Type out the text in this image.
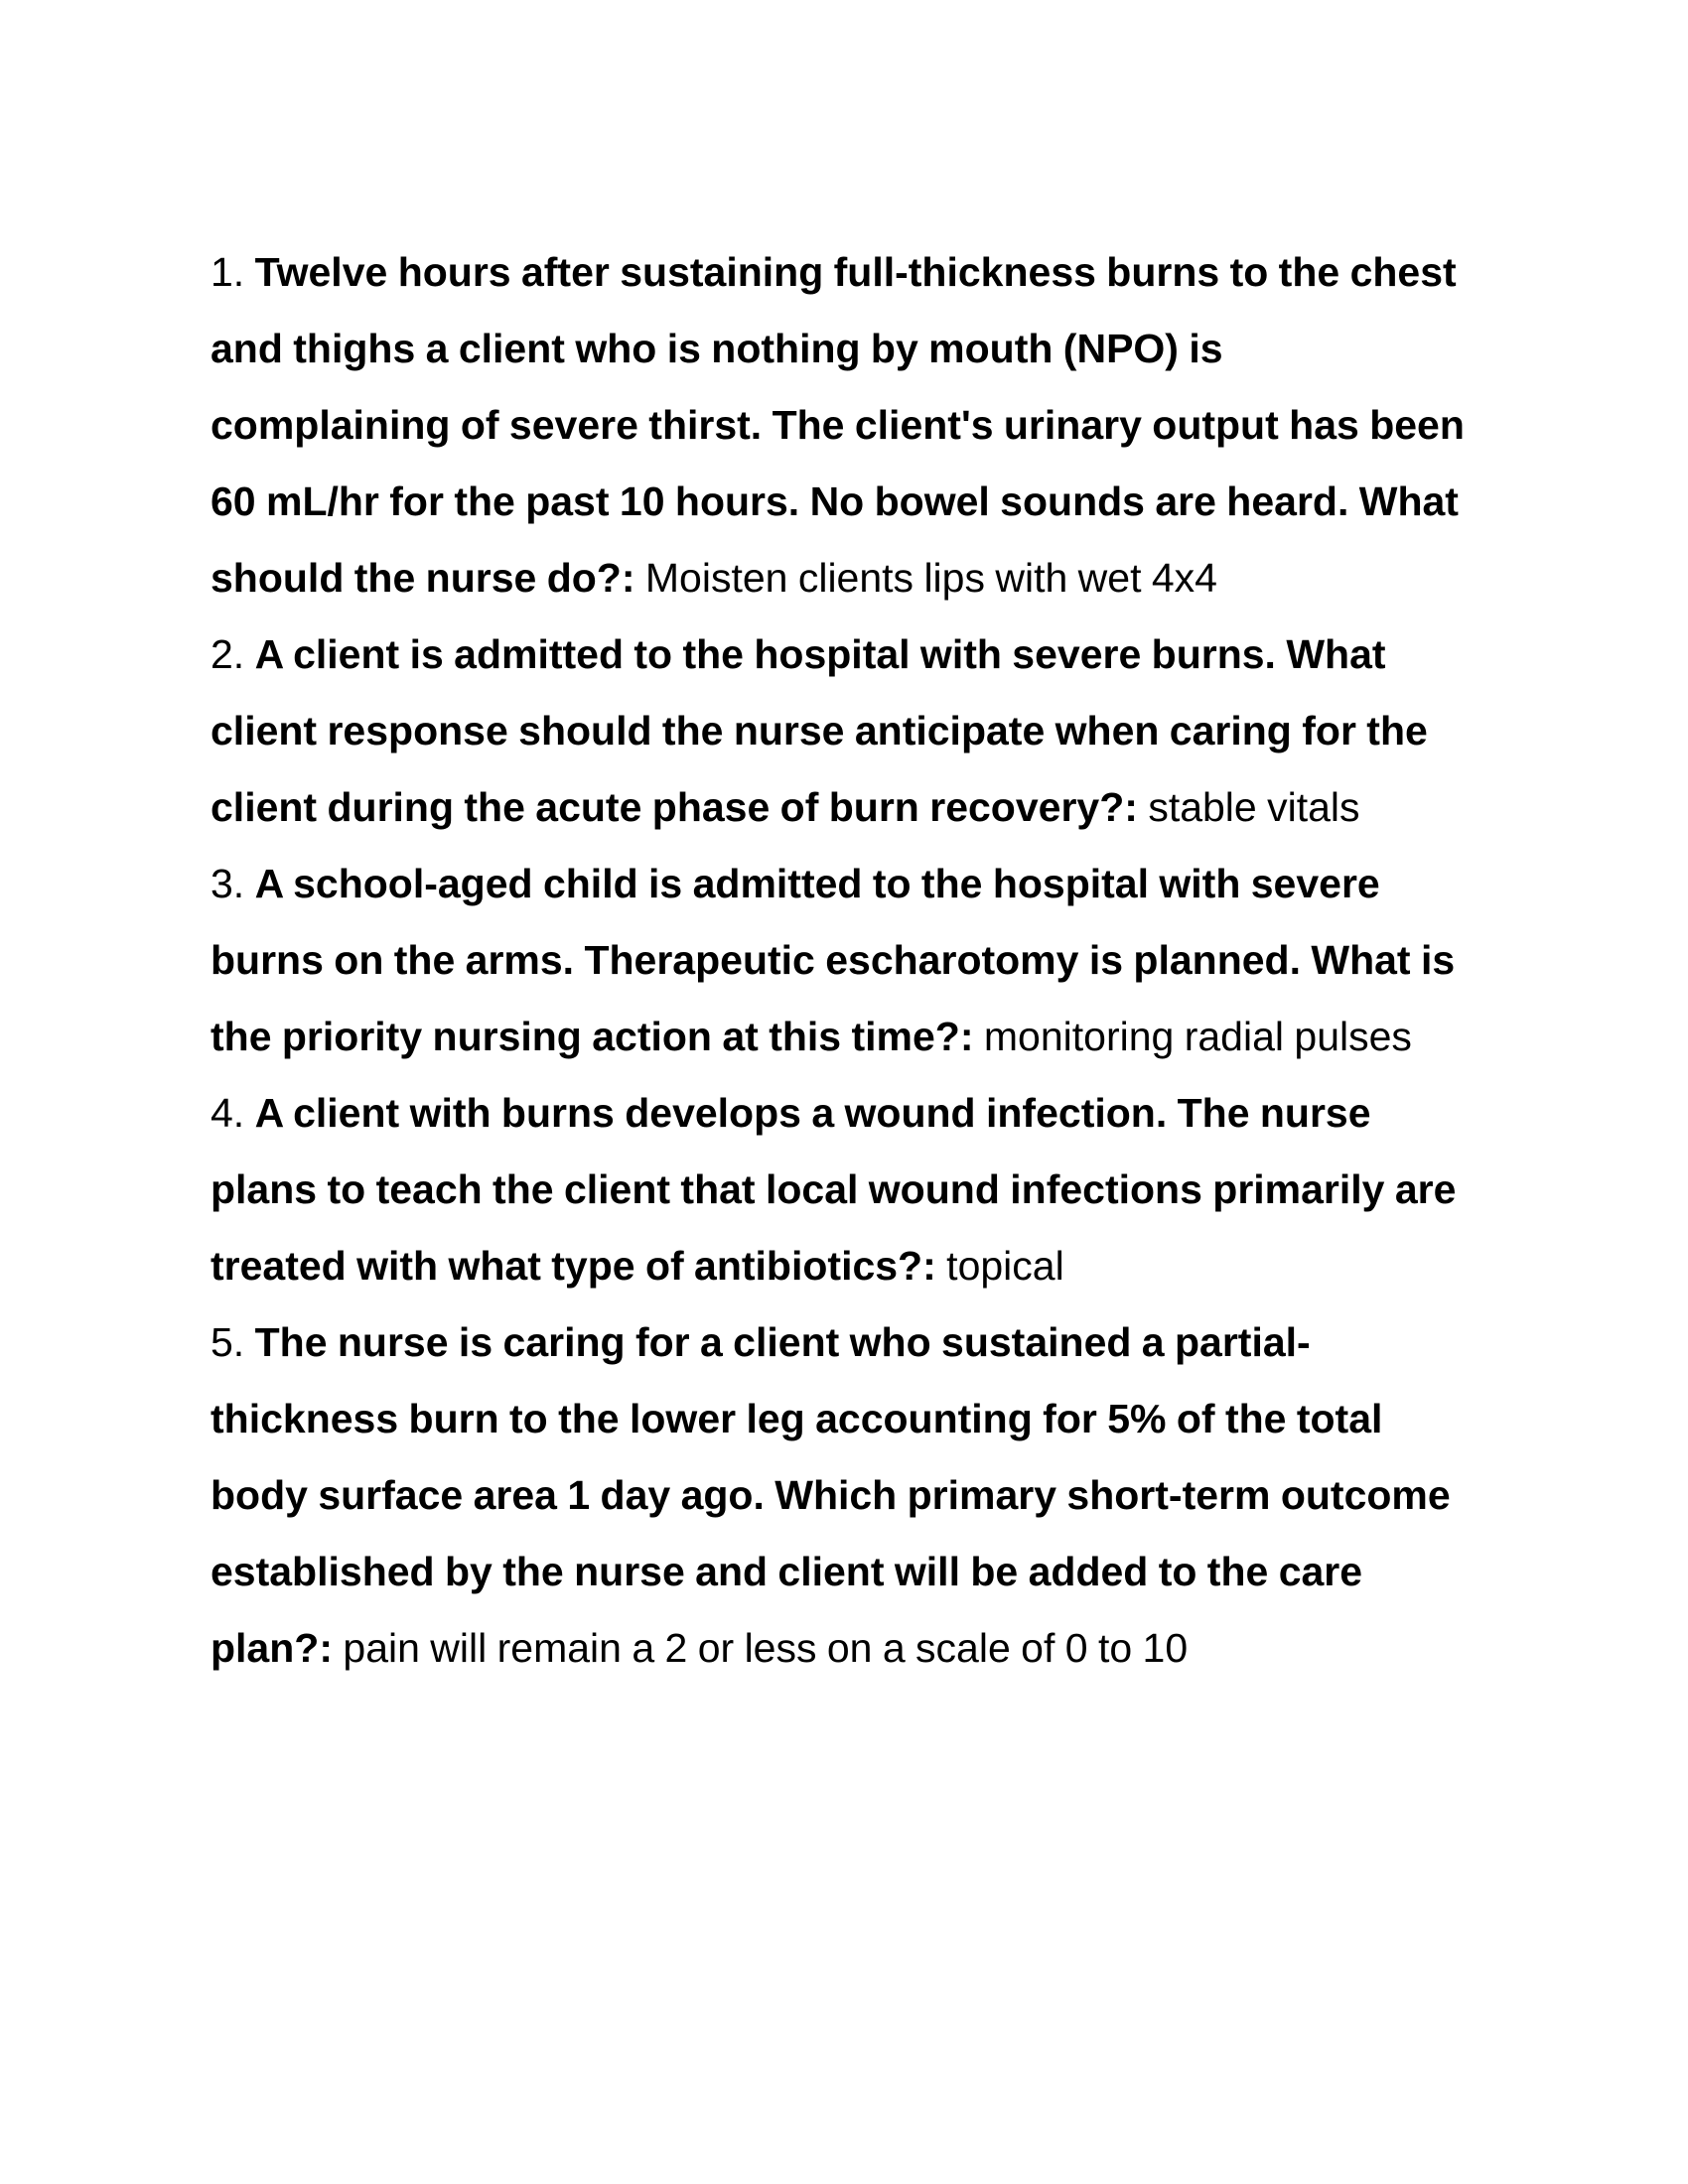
1. Twelve hours after sustaining full-thickness burns to the chest and thighs a client who is nothing by mouth (NPO) is complaining of severe thirst. The client's urinary output has been 60 mL/hr for the past 10 hours. No bowel sounds are heard. What should the nurse do?: Moisten clients lips with wet 4x4

2. A client is admitted to the hospital with severe burns. What client response should the nurse anticipate when caring for the client during the acute phase of burn recovery?: stable vitals

3. A school-aged child is admitted to the hospital with severe burns on the arms. Therapeutic escharotomy is planned. What is the priority nursing action at this time?: monitoring radial pulses

4. A client with burns develops a wound infection. The nurse plans to teach the client that local wound infections primarily are treated with what type of antibiotics?: topical

5. The nurse is caring for a client who sustained a partial-thickness burn to the lower leg accounting for 5% of the total body surface area 1 day ago. Which primary short-term outcome established by the nurse and client will be added to the care plan?: pain will remain a 2 or less on a scale of 0 to 10
